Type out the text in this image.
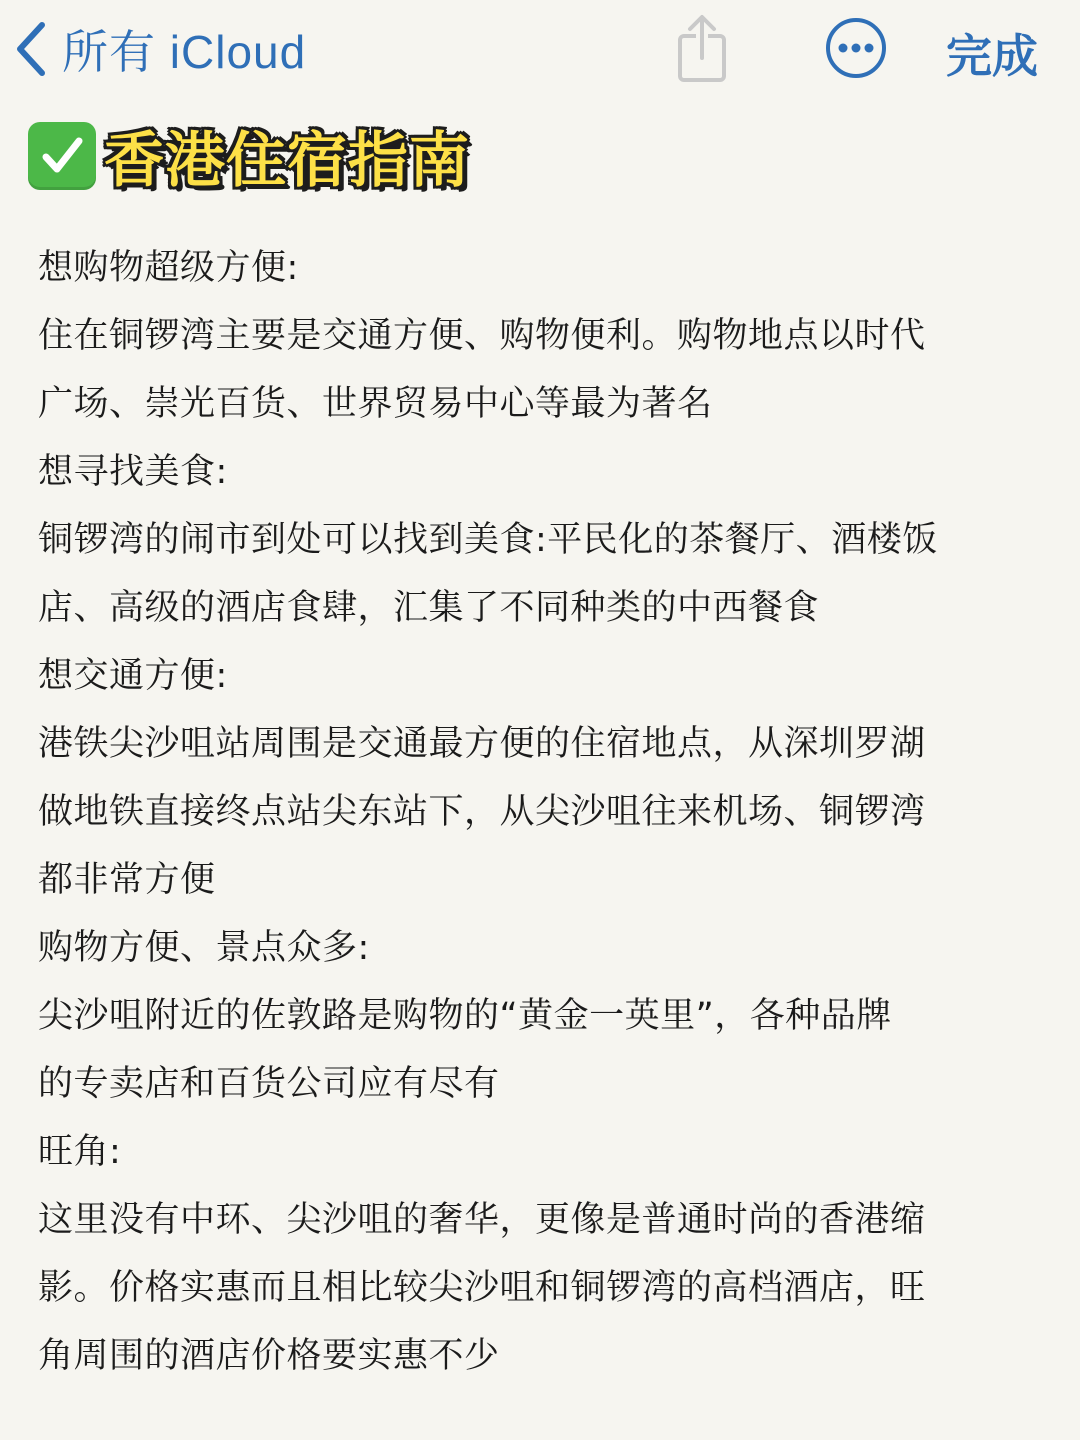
所有 iCloud	完成
香港住宿指南
想购物超级方便:
住在铜锣湾主要是交通方便、购物便利。购物地点以时代
广场、崇光百货、世界贸易中心等最为著名
想寻找美食:
铜锣湾的闹市到处可以找到美食:平民化的茶餐厅、酒楼饭
店、高级的酒店食肆，汇集了不同种类的中西餐食
想交通方便:
港铁尖沙咀站周围是交通最方便的住宿地点，从深圳罗湖
做地铁直接终点站尖东站下，从尖沙咀往来机场、铜锣湾
都非常方便
购物方便、景点众多:
尖沙咀附近的佐敦路是购物的“黄金一英里”，各种品牌
的专卖店和百货公司应有尽有
旺角:
这里没有中环、尖沙咀的奢华，更像是普通时尚的香港缩
影。价格实惠而且相比较尖沙咀和铜锣湾的高档酒店，旺
角周围的酒店价格要实惠不少
